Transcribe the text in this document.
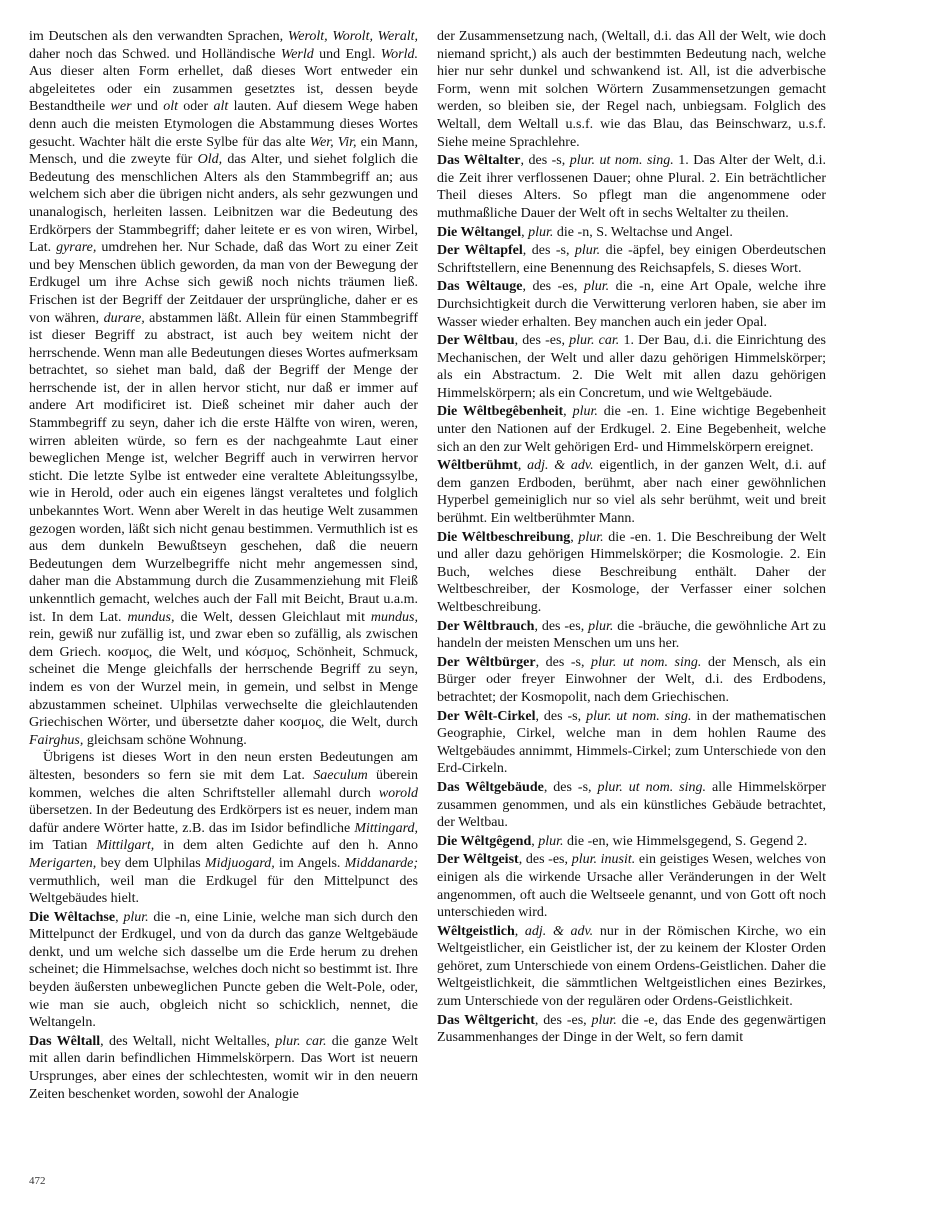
im Deutschen als den verwandten Sprachen, Werolt, Worolt, Weralt, daher noch das Schwed. und Holländische Werld und Engl. World. Aus dieser alten Form erhellet, daß dieses Wort entweder ein abgeleitetes oder ein zusammen gesetztes ist, dessen beyde Bestandtheile wer und olt oder alt lauten. Auf diesem Wege haben denn auch die meisten Etymologen die Abstammung dieses Wortes gesucht. Wachter hält die erste Sylbe für das alte Wer, Vir, ein Mann, Mensch, und die zweyte für Old, das Alter, und siehet folglich die Bedeutung des menschlichen Alters als den Stammbegriff an; aus welchem sich aber die übrigen nicht anders, als sehr gezwungen und unanalogisch, herleiten lassen. Leibnitzen war die Bedeutung des Erdkörpers der Stammbegriff; daher leitete er es von wiren, Wirbel, Lat. gyrare, umdrehen her. Nur Schade, daß das Wort zu einer Zeit und bey Menschen üblich geworden, da man von der Bewegung der Erdkugel um ihre Achse sich gewiß noch nichts träumen ließ. Frischen ist der Begriff der Zeitdauer der ursprüngliche, daher er es von währen, durare, abstammen läßt. Allein für einen Stammbegriff ist dieser Begriff zu abstract, ist auch bey weitem nicht der herrschende. Wenn man alle Bedeutungen dieses Wortes aufmerksam betrachtet, so siehet man bald, daß der Begriff der Menge der herrschende ist, der in allen hervor sticht, nur daß er immer auf andere Art modificiret ist. Dieß scheinet mir daher auch der Stammbegriff zu seyn, daher ich die erste Hälfte von wiren, weren, wirren ableiten würde, so fern es der nachgeahmte Laut einer beweglichen Menge ist, welcher Begriff auch in verwirren hervor sticht. Die letzte Sylbe ist entweder eine veraltete Ableitungssylbe, wie in Herold, oder auch ein eigenes längst veraltetes und folglich unbekanntes Wort. Wenn aber Werelt in das heutige Welt zusammen gezogen worden, läßt sich nicht genau bestimmen. Vermuthlich ist es aus dem dunkeln Bewußtseyn geschehen, daß die neuern Bedeutungen dem Wurzelbegriffe nicht mehr angemessen sind, daher man die Abstammung durch die Zusammenziehung mit Fleiß unkenntlich gemacht, welches auch der Fall mit Beicht, Braut u.a.m. ist. In dem Lat. mundus, die Welt, dessen Gleichlaut mit mundus, rein, gewiß nur zufällig ist, und zwar eben so zufällig, als zwischen dem Griech. κοσμος, die Welt, und κόσμος, Schönheit, Schmuck, scheinet die Menge gleichfalls der herrschende Begriff zu seyn, indem es von der Wurzel mein, in gemein, und selbst in Menge abzustammen scheinet. Ulphilas verwechselte die gleichlautenden Griechischen Wörter, und übersetzte daher κοσμος, die Welt, durch Fairghus, gleichsam schöne Wohnung.

Übrigens ist dieses Wort in den neun ersten Bedeutungen am ältesten, besonders so fern sie mit dem Lat. Saeculum überein kommen, welches die alten Schriftsteller allemahl durch worold übersetzen. In der Bedeutung des Erdkörpers ist es neuer, indem man dafür andere Wörter hatte, z.B. das im Isidor befindliche Mittingard, im Tatian Mittilgart, in dem alten Gedichte auf den h. Anno Merigarten, bey dem Ulphilas Midjuogard, im Angels. Middanarde; vermuthlich, weil man die Erdkugel für den Mittelpunct des Weltgebäudes hielt.

Die Wêltachse, plur. die -n, eine Linie, welche man sich durch den Mittelpunct der Erdkugel, und von da durch das ganze Weltgebäude denkt, und um welche sich dasselbe um die Erde herum zu drehen scheinet; die Himmelsachse, welches doch nicht so bestimmt ist. Ihre beyden äußersten unbeweglichen Puncte geben die Welt-Pole, oder, wie man sie auch, obgleich nicht so schicklich, nennet, die Weltangeln.

Das Wêltall, des Weltall, nicht Weltalles, plur. car. die ganze Welt mit allen darin befindlichen Himmelskörpern. Das Wort ist neuern Ursprunges, aber eines der schlechtesten, womit wir in den neuern Zeiten beschenket worden, sowohl der Analogie

der Zusammensetzung nach, (Weltall, d.i. das All der Welt, wie doch niemand spricht,) als auch der bestimmten Bedeutung nach, welche hier nur sehr dunkel und schwankend ist. All, ist die adverbische Form, wenn mit solchen Wörtern Zusammensetzungen gemacht werden, so bleiben sie, der Regel nach, unbiegsam. Folglich des Weltall, dem Weltall u.s.f. wie das Blau, das Beinschwarz, u.s.f. Siehe meine Sprachlehre.

Das Wêltalter, des -s, plur. ut nom. sing. 1. Das Alter der Welt, d.i. die Zeit ihrer verflossenen Dauer; ohne Plural. 2. Ein beträchtlicher Theil dieses Alters. So pflegt man die angenommene oder muthmaßliche Dauer der Welt oft in sechs Weltalter zu theilen.

Die Wêltangel, plur. die -n, S. Weltachse und Angel.

Der Wêltapfel, des -s, plur. die -äpfel, bey einigen Oberdeutschen Schriftstellern, eine Benennung des Reichsapfels, S. dieses Wort.

Das Wêltauge, des -es, plur. die -n, eine Art Opale, welche ihre Durchsichtigkeit durch die Verwitterung verloren haben, sie aber im Wasser wieder erhalten. Bey manchen auch ein jeder Opal.

Der Wêltbau, des -es, plur. car. 1. Der Bau, d.i. die Einrichtung des Mechanischen, der Welt und aller dazu gehörigen Himmelskörper; als ein Abstractum. 2. Die Welt mit allen dazu gehörigen Himmelskörpern; als ein Concretum, und wie Weltgebäude.

Die Wêltbegêbenheit, plur. die -en. 1. Eine wichtige Begebenheit unter den Nationen auf der Erdkugel. 2. Eine Begebenheit, welche sich an den zur Welt gehörigen Erd- und Himmelskörpern ereignet.

Wêltberühmt, adj. & adv. eigentlich, in der ganzen Welt, d.i. auf dem ganzen Erdboden, berühmt, aber nach einer gewöhnlichen Hyperbel gemeiniglich nur so viel als sehr berühmt, weit und breit berühmt. Ein weltberühmter Mann.

Die Wêltbeschreibung, plur. die -en. 1. Die Beschreibung der Welt und aller dazu gehörigen Himmelskörper; die Kosmologie. 2. Ein Buch, welches diese Beschreibung enthält. Daher der Weltbeschreiber, der Kosmologe, der Verfasser einer solchen Weltbeschreibung.

Der Wêltbrauch, des -es, plur. die -bräuche, die gewöhnliche Art zu handeln der meisten Menschen um uns her.

Der Wêltbürger, des -s, plur. ut nom. sing. der Mensch, als ein Bürger oder freyer Einwohner der Welt, d.i. des Erdbodens, betrachtet; der Kosmopolit, nach dem Griechischen.

Der Wêlt-Cirkel, des -s, plur. ut nom. sing. in der mathematischen Geographie, Cirkel, welche man in dem hohlen Raume des Weltgebäudes annimmt, Himmels-Cirkel; zum Unterschiede von den Erd-Cirkeln.

Das Wêltgebäude, des -s, plur. ut nom. sing. alle Himmelskörper zusammen genommen, und als ein künstliches Gebäude betrachtet, der Weltbau.

Die Wêltgêgend, plur. die -en, wie Himmelsgegend, S. Gegend 2.

Der Wêltgeist, des -es, plur. inusit. ein geistiges Wesen, welches von einigen als die wirkende Ursache aller Veränderungen in der Welt angenommen, oft auch die Weltseele genannt, und von Gott oft noch unterschieden wird.

Wêltgeistlich, adj. & adv. nur in der Römischen Kirche, wo ein Weltgeistlicher, ein Geistlicher ist, der zu keinem der Kloster Orden gehöret, zum Unterschiede von einem Ordens-Geistlichen. Daher die Weltgeistlichkeit, die sämmtlichen Weltgeistlichen eines Bezirkes, zum Unterschiede von der regulären oder Ordens-Geistlichkeit.

Das Wêltgericht, des -es, plur. die -e, das Ende des gegenwärtigen Zusammenhanges der Dinge in der Welt, so fern damit

472
